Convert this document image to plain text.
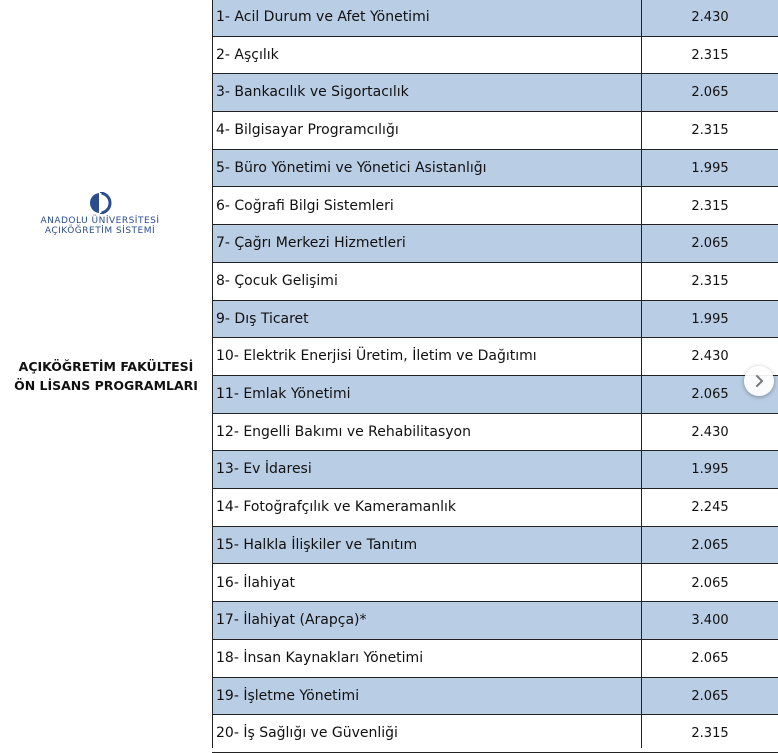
ANADOLU ÜNİVERSİTESİ
AÇIKÖĞRETİM SİSTEMİ
AÇIKÖĞRETİM FAKÜLTESİ
ÖN LİSANS PROGRAMLARI
1- Acil Durum ve Afet Yönetimi	2.430
2- Aşçılık	2.315
3- Bankacılık ve Sigortacılık	2.065
4- Bilgisayar Programcılığı	2.315
5- Büro Yönetimi ve Yönetici Asistanlığı	1.995
6- Coğrafi Bilgi Sistemleri	2.315
7- Çağrı Merkezi Hizmetleri	2.065
8- Çocuk Gelişimi	2.315
9- Dış Ticaret	1.995
10- Elektrik Enerjisi Üretim, İletim ve Dağıtımı	2.430
11- Emlak Yönetimi	2.065
12- Engelli Bakımı ve Rehabilitasyon	2.430
13- Ev İdaresi	1.995
14- Fotoğrafçılık ve Kameramanlık	2.245
15- Halkla İlişkiler ve Tanıtım	2.065
16- İlahiyat	2.065
17- İlahiyat (Arapça)*	3.400
18- İnsan Kaynakları Yönetimi	2.065
19- İşletme Yönetimi	2.065
20- İş Sağlığı ve Güvenliği	2.315
